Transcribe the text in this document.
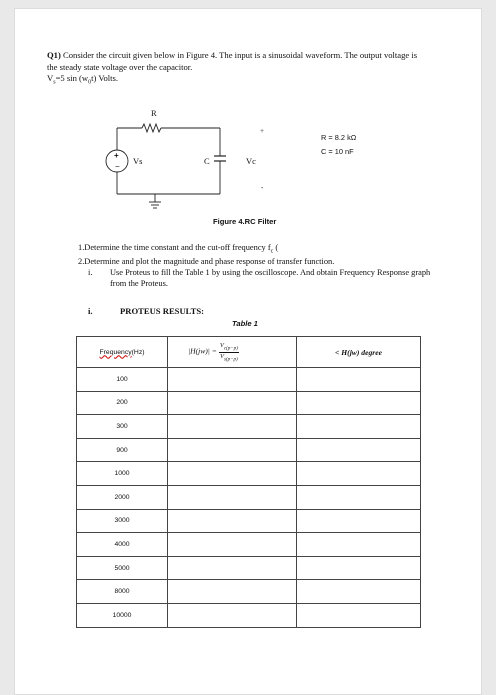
Q1) Consider the circuit given below in Figure 4. The input is a sinusoidal waveform. The output voltage is the steady state voltage over the capacitor.
$V_s=5$ $\sin (w_0t)$ Volts.
R
+
−
Vs	C
+
Vc
-
R = 8.2 kΩ
C = 10 nF
Figure 4.RC Filter
1.Determine the time constant and the cut-off frequency $f_c$ (
2.Determine and plot the magnitude and phase response of transfer function.
i.	Use Proteus to fill the Table 1 by using the oscilloscope. And obtain Frequency Response graph from the Proteus.
i.	PROTEUS RESULTS:
Table 1
Frequency(Hz)	$|H(jw)| = \frac{V_{c(p-p)}}{V_{s(p-p)}}$	< H(jw) degree
100		
200		
300		
900		
1000		
2000		
3000		
4000		
5000		
8000		
10000		
